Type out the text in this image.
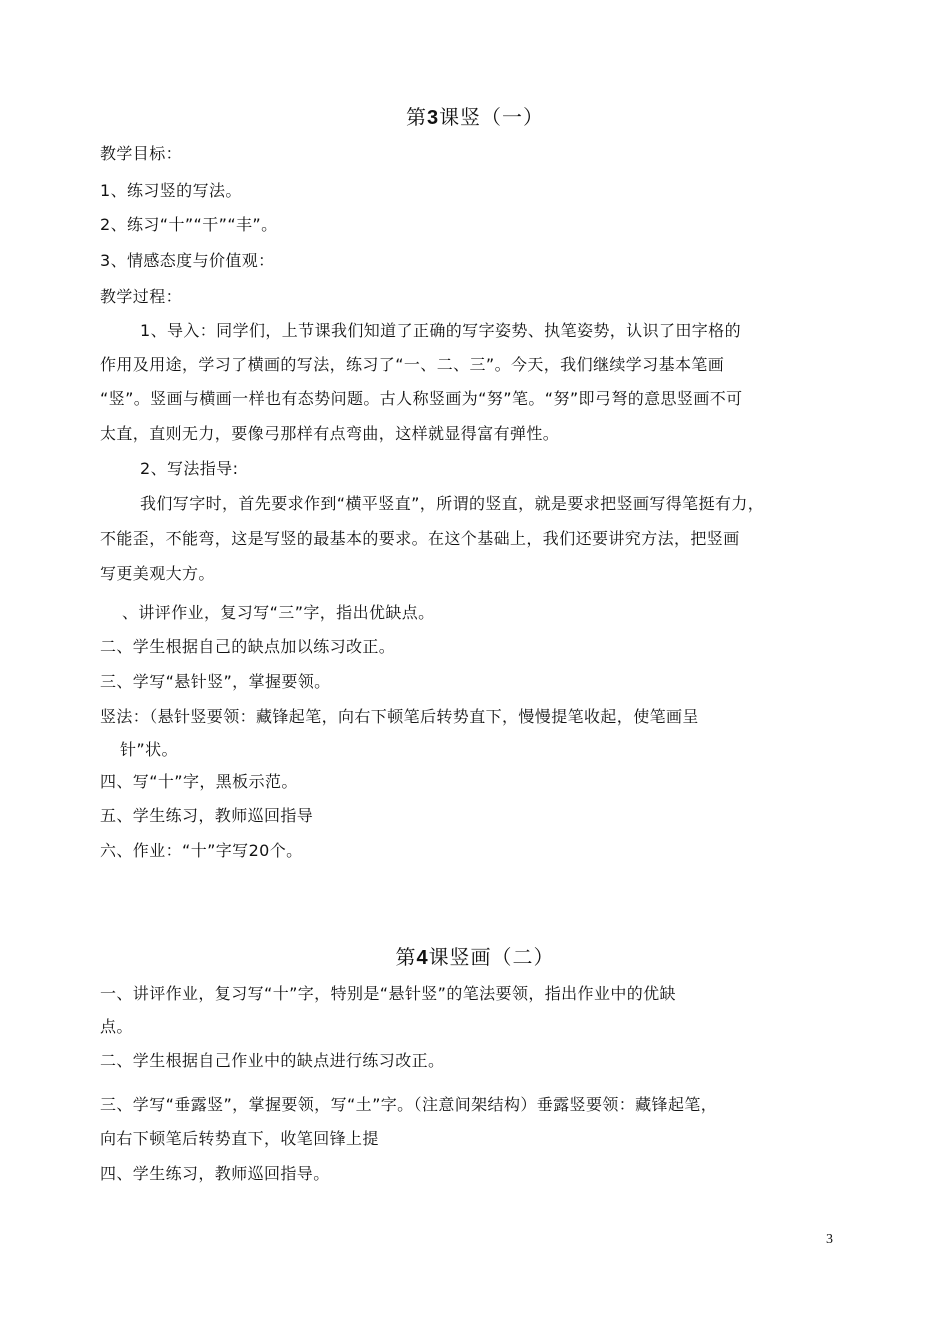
第3课竖（一）

教学目标：

1、练习竖的写法。

2、练习“十”“干”“丰”。

3、情感态度与价值观：

教学过程：

1、导入：同学们，上节课我们知道了正确的写字姿势、执笔姿势，认识了田字格的

作用及用途，学习了横画的写法，练习了“一、二、三”。今天，我们继续学习基本笔画

“竖”。竖画与横画一样也有态势问题。古人称竖画为“努”笔。“努”即弓弩的意思竖画不可

太直，直则无力，要像弓那样有点弯曲，这样就显得富有弹性。

2、写法指导:

我们写字时，首先要求作到“横平竖直”，所谓的竖直，就是要求把竖画写得笔挺有力，

不能歪，不能弯，这是写竖的最基本的要求。在这个基础上，我们还要讲究方法，把竖画

写更美观大方。

、讲评作业，复习写“三”字，指出优缺点。

二、学生根据自己的缺点加以练习改正。

三、学写“悬针竖”，掌握要领。

竖法：（悬针竖要领：藏锋起笔，向右下顿笔后转势直下，慢慢提笔收起，使笔画呈

针”状。

四、写“十”字，黑板示范。

五、学生练习，教师巡回指导

六、作业：“十”字写20个。

第4课竖画（二）

一、讲评作业，复习写“十”字，特别是“悬针竖”的笔法要领，指出作业中的优缺

点。

二、学生根据自己作业中的缺点进行练习改正。

三、学写“垂露竖”，掌握要领，写“土”字。（注意间架结构）垂露竖要领：藏锋起笔，

向右下顿笔后转势直下，收笔回锋上提

四、学生练习，教师巡回指导。

3
